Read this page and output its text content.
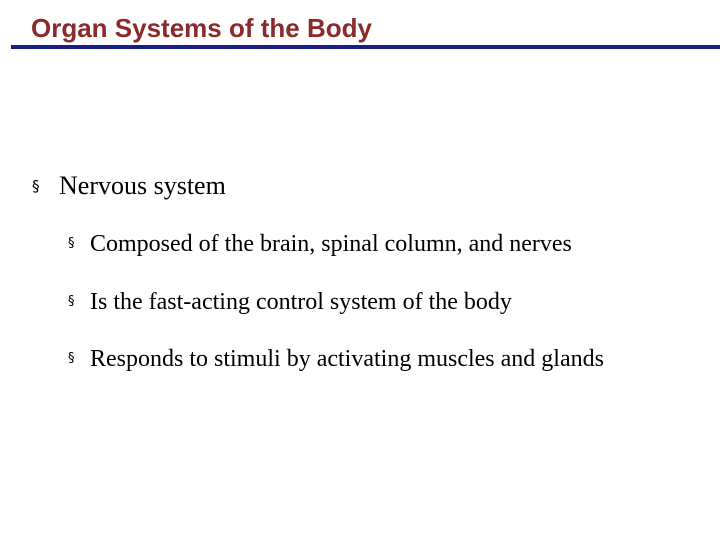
Organ Systems of the Body
§ Nervous system
§ Composed of the brain, spinal column, and nerves
§ Is the fast-acting control system of the body
§ Responds to stimuli by activating muscles and glands
